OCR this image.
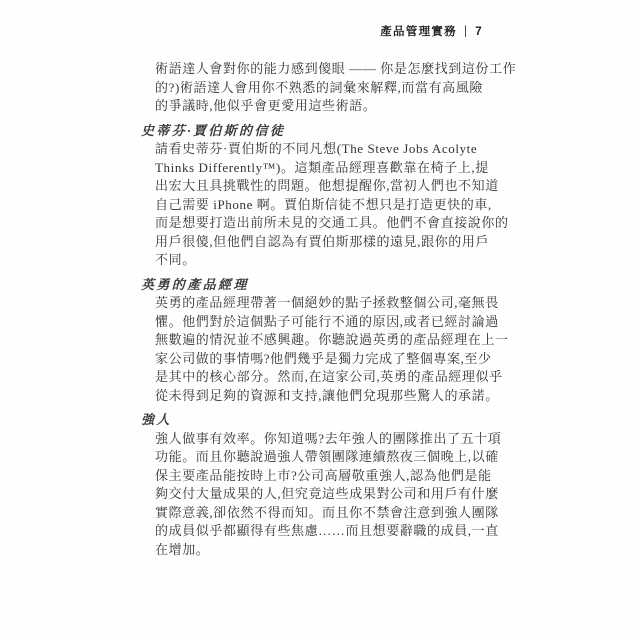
產品管理實務 | 7
術語達人會對你的能力感到傻眼 —— 你是怎麼找到這份工作
的?)術語達人會用你不熟悉的詞彙來解釋,而當有高風險
的爭議時,他似乎會更愛用這些術語。
史蒂芬·賈伯斯的信徒
請看史蒂芬·賈伯斯的不同凡想(The Steve Jobs Acolyte
Thinks Differently™)。這類產品經理喜歡靠在椅子上,提
出宏大且具挑戰性的問題。他想提醒你,當初人們也不知道
自己需要 iPhone 啊。賈伯斯信徒不想只是打造更快的車,
而是想要打造出前所未見的交通工具。他們不會直接說你的
用戶很傻,但他們自認為有賈伯斯那樣的遠見,跟你的用戶
不同。
英勇的產品經理
英勇的產品經理帶著一個絕妙的點子拯救整個公司,毫無畏
懼。他們對於這個點子可能行不通的原因,或者已經討論過
無數遍的情況並不感興趣。你聽說過英勇的產品經理在上一
家公司做的事情嗎?他們幾乎是獨力完成了整個專案,至少
是其中的核心部分。然而,在這家公司,英勇的產品經理似乎
從未得到足夠的資源和支持,讓他們兌現那些驚人的承諾。
強人
強人做事有效率。你知道嗎?去年強人的團隊推出了五十項
功能。而且你聽說過強人帶領團隊連續熬夜三個晚上,以確
保主要產品能按時上市?公司高層敬重強人,認為他們是能
夠交付大量成果的人,但究竟這些成果對公司和用戶有什麼
實際意義,卻依然不得而知。而且你不禁會注意到強人團隊
的成員似乎都顯得有些焦慮……而且想要辭職的成員,一直
在增加。
